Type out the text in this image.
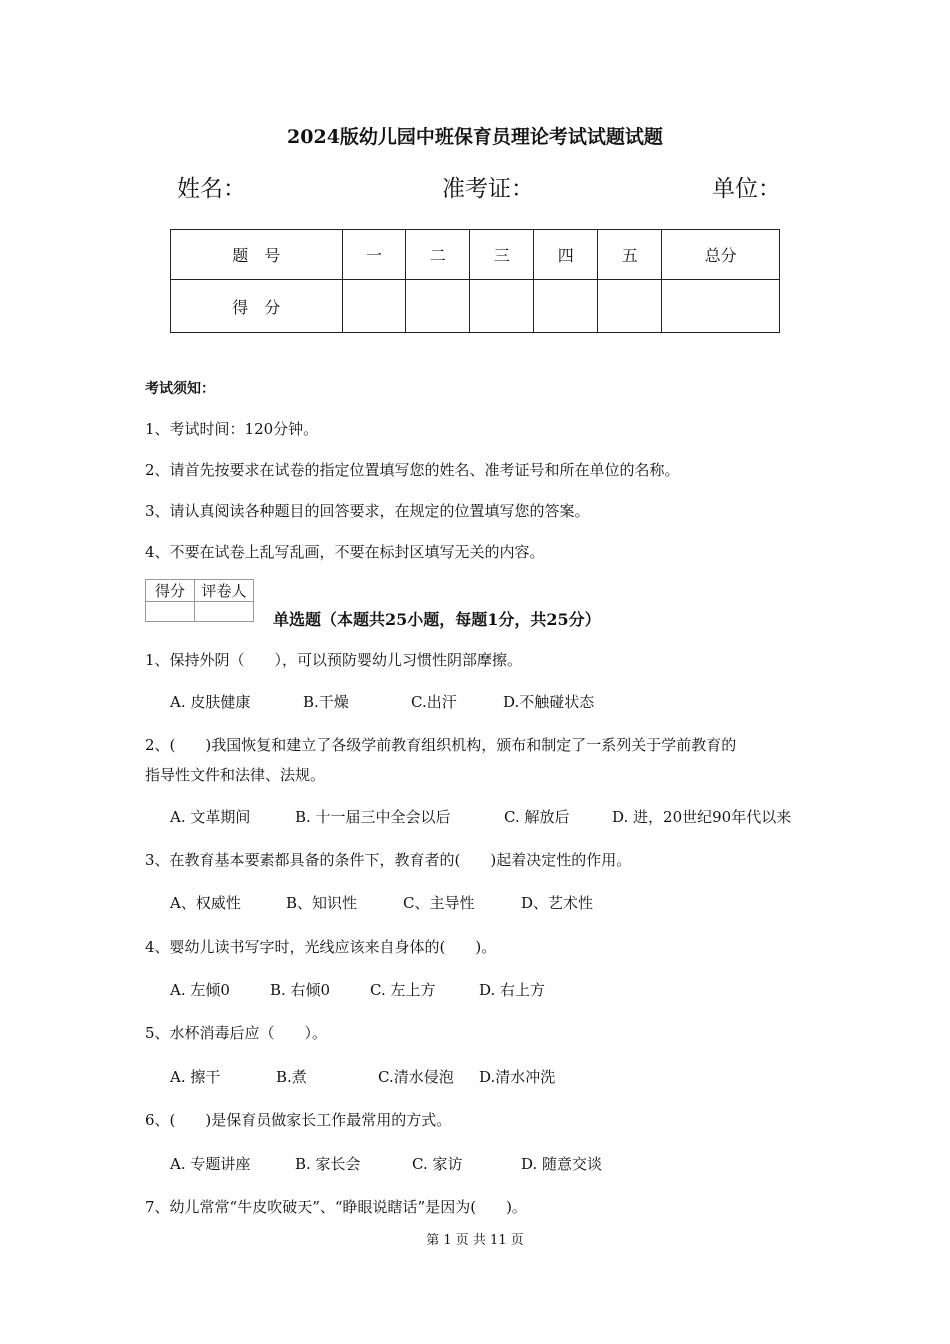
2024版幼儿园中班保育员理论考试试题试题
姓名：	准考证：	单位：
题　号	一	二	三	四	五	总分
得　分						
考试须知：
1、考试时间：120分钟。
2、请首先按要求在试卷的指定位置填写您的姓名、准考证号和所在单位的名称。
3、请认真阅读各种题目的回答要求，在规定的位置填写您的答案。
4、不要在试卷上乱写乱画，不要在标封区填写无关的内容。
得分	评卷人

单选题（本题共25小题，每题1分，共25分）
1、保持外阴（　　），可以预防婴幼儿习惯性阴部摩擦。
A. 皮肤健康	B.干燥	C.出汗	D.不触碰状态
2、(　　)我国恢复和建立了各级学前教育组织机构，颁布和制定了一系列关于学前教育的
指导性文件和法律、法规。
A. 文革期间	B. 十一届三中全会以后	C. 解放后	D. 进，20世纪90年代以来
3、在教育基本要素都具备的条件下，教育者的(　　)起着决定性的作用。
A、权威性	B、知识性	C、主导性	D、艺术性
4、婴幼儿读书写字时，光线应该来自身体的(　　)。
A. 左倾0	B. 右倾0	C. 左上方	D. 右上方
5、水杯消毒后应（　　）。
A. 擦干	B.煮	C.清水侵泡 D.清水冲洗
6、(　　)是保育员做家长工作最常用的方式。
A. 专题讲座	B. 家长会	C. 家访	D. 随意交谈
7、幼儿常常“牛皮吹破天”、“睁眼说瞎话”是因为(　　)。
第 1 页 共 11 页
